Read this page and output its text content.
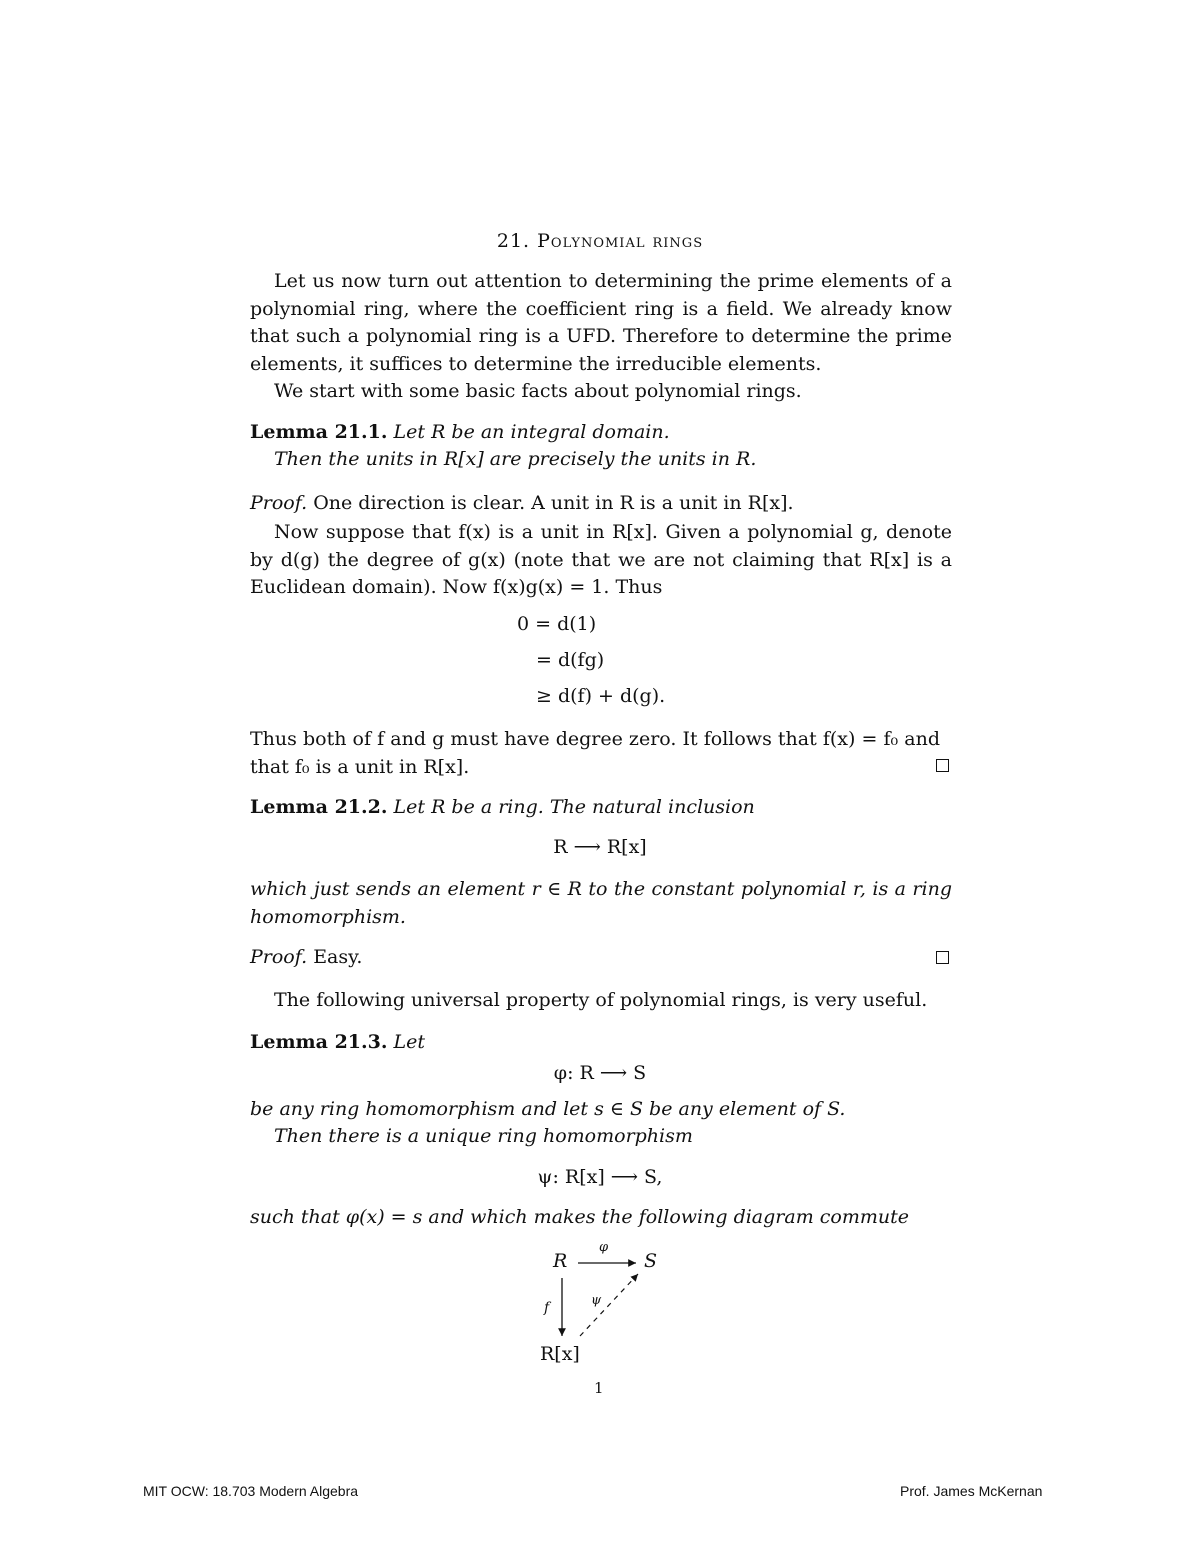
21. Polynomial rings
Let us now turn out attention to determining the prime elements of a polynomial ring, where the coefficient ring is a field. We already know that such a polynomial ring is a UFD. Therefore to determine the prime elements, it suffices to determine the irreducible elements.
We start with some basic facts about polynomial rings.
Lemma 21.1. Let R be an integral domain.
Then the units in R[x] are precisely the units in R.
Proof. One direction is clear. A unit in R is a unit in R[x].
Now suppose that f(x) is a unit in R[x]. Given a polynomial g, denote by d(g) the degree of g(x) (note that we are not claiming that R[x] is a Euclidean domain). Now f(x)g(x) = 1. Thus
0 = d(1)
= d(fg)
≥ d(f) + d(g).
Thus both of f and g must have degree zero. It follows that f(x) = f₀ and that f₀ is a unit in R[x].
Lemma 21.2. Let R be a ring. The natural inclusion
R ⟶ R[x]
which just sends an element r ∈ R to the constant polynomial r, is a ring homomorphism.
Proof. Easy.
The following universal property of polynomial rings, is very useful.
Lemma 21.3. Let
φ: R ⟶ S
be any ring homomorphism and let s ∈ S be any element of S.
Then there is a unique ring homomorphism
ψ: R[x] ⟶ S,
such that φ(x) = s and which makes the following diagram commute
R	S
R[x]
φ
f	ψ
1
MIT OCW: 18.703 Modern Algebra	Prof. James McKernan
